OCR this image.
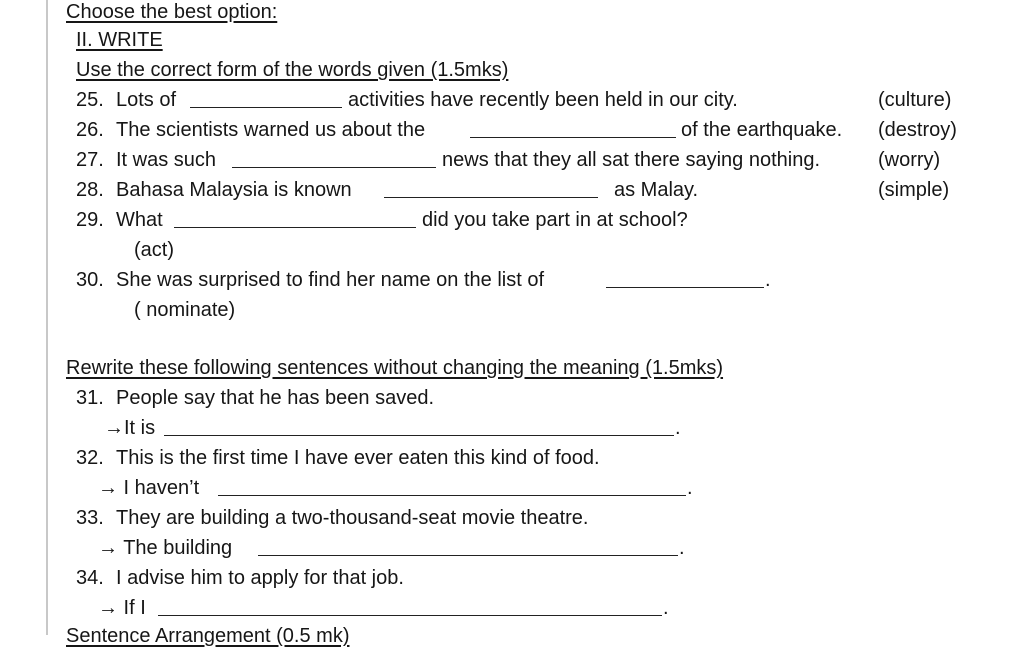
Choose the best option:
II. WRITE
Use the correct form of the words given (1.5mks)
25. Lots of	activities have recently been held in our city.	(culture)
26. The scientists warned us about the	of the earthquake. (destroy)
27. It was such	news that they all sat there saying nothing.	(worry)
28. Bahasa Malaysia is known	as Malay.	(simple)
29. What	did you take part in at school?
(act)
30. She was surprised to find her name on the list of	.
( nominate)
Rewrite these following sentences without changing the meaning (1.5mks)
31. People say that he has been saved.
→It is	.
32. This is the first time I have ever eaten this kind of food.
→ I haven’t	.
33. They are building a two-thousand-seat movie theatre.
→ The building	.
34. I advise him to apply for that job.
→ If I	.
Sentence Arrangement (0.5 mk)
